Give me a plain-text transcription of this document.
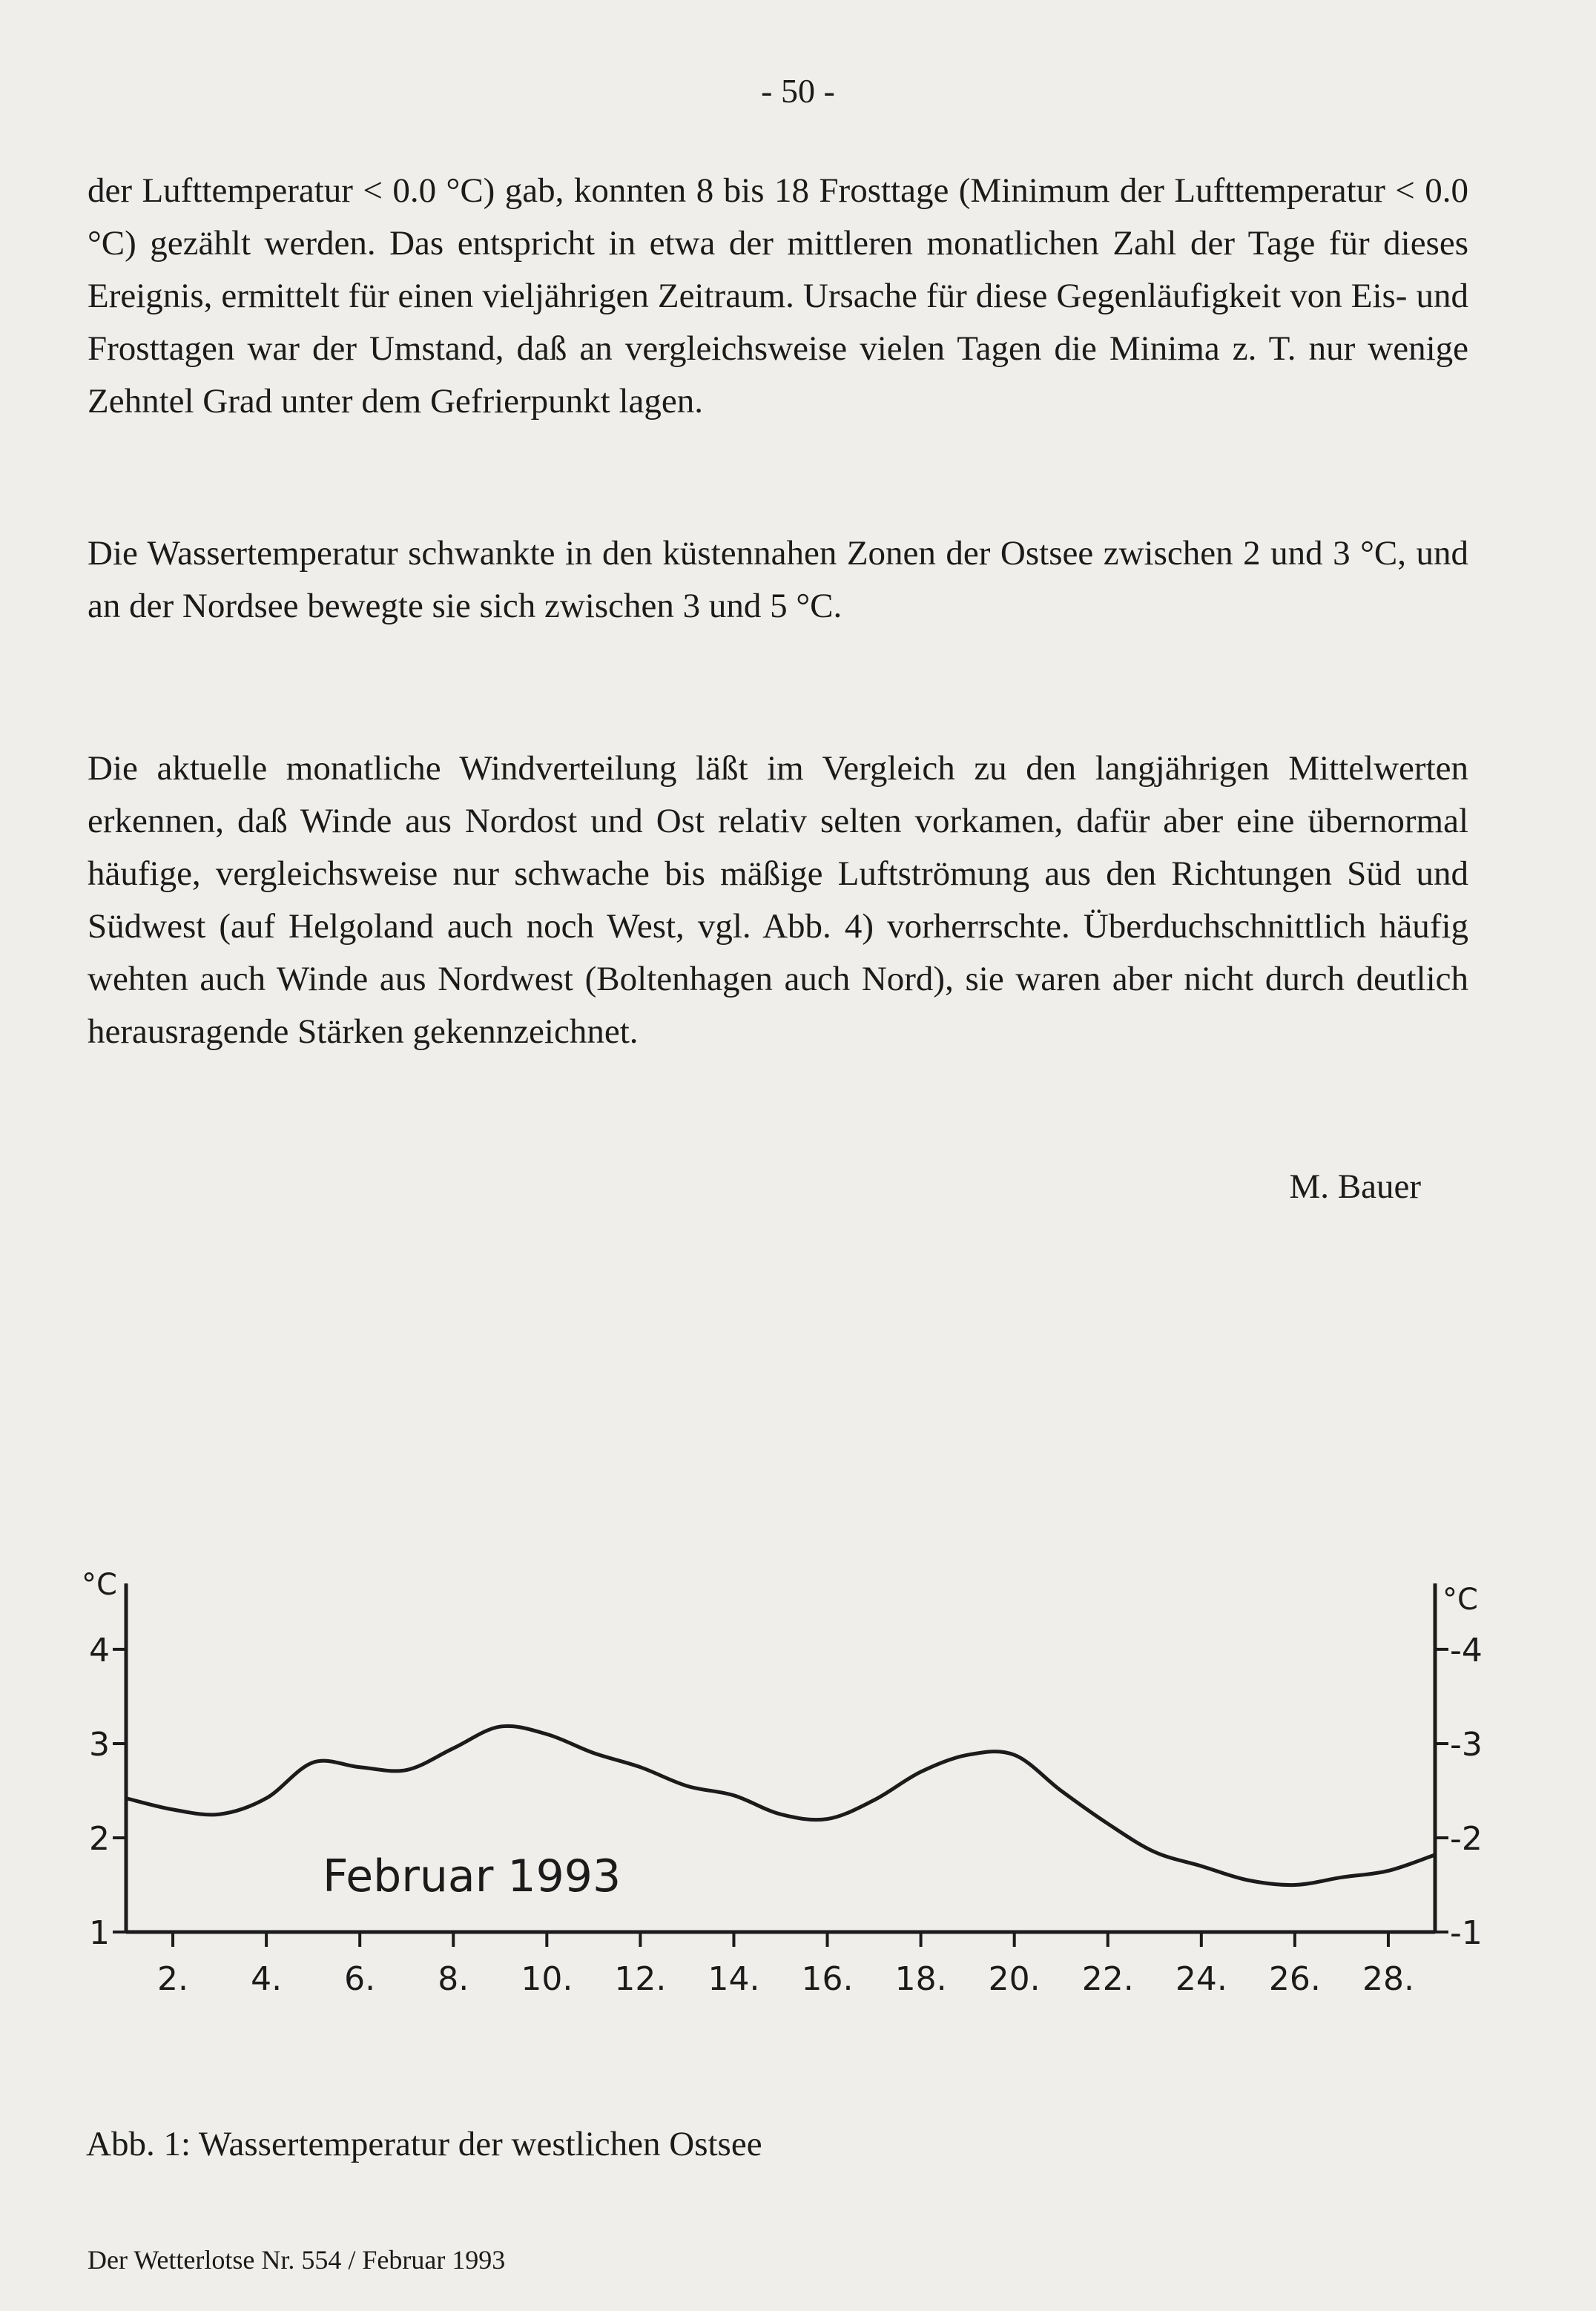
- 50 -

der Lufttemperatur < 0.0 °C) gab, konnten 8 bis 18 Frosttage (Minimum der Lufttemperatur < 0.0 °C) gezählt werden. Das entspricht in etwa der mittleren monatlichen Zahl der Tage für dieses Ereignis, ermittelt für einen vieljährigen Zeitraum. Ursache für diese Gegenläufigkeit von Eis- und Frosttagen war der Umstand, daß an vergleichsweise vielen Tagen die Minima z. T. nur wenige Zehntel Grad unter dem Gefrierpunkt lagen.

Die Wassertemperatur schwankte in den küstennahen Zonen der Ostsee zwischen 2 und 3 °C, und an der Nordsee bewegte sie sich zwischen 3 und 5 °C.

Die aktuelle monatliche Windverteilung läßt im Vergleich zu den langjährigen Mittelwerten erkennen, daß Winde aus Nordost und Ost relativ selten vorkamen, dafür aber eine übernormal häufige, vergleichsweise nur schwache bis mäßige Luftströmung aus den Richtungen Süd und Südwest (auf Helgoland auch noch West, vgl. Abb. 4) vorherrschte. Überduchschnittlich häufig wehten auch Winde aus Nordwest (Boltenhagen auch Nord), sie waren aber nicht durch deutlich herausragende Stärken gekennzeichnet.

M. Bauer
°C	°C
1	-1
2	-2
3	-3
4	-4
2. 4. 6. 8. 10. 12. 14. 16. 18. 20. 22. 24. 26. 28.
Februar 1993
Abb. 1: Wassertemperatur der westlichen Ostsee
Der Wetterlotse Nr. 554 / Februar 1993
